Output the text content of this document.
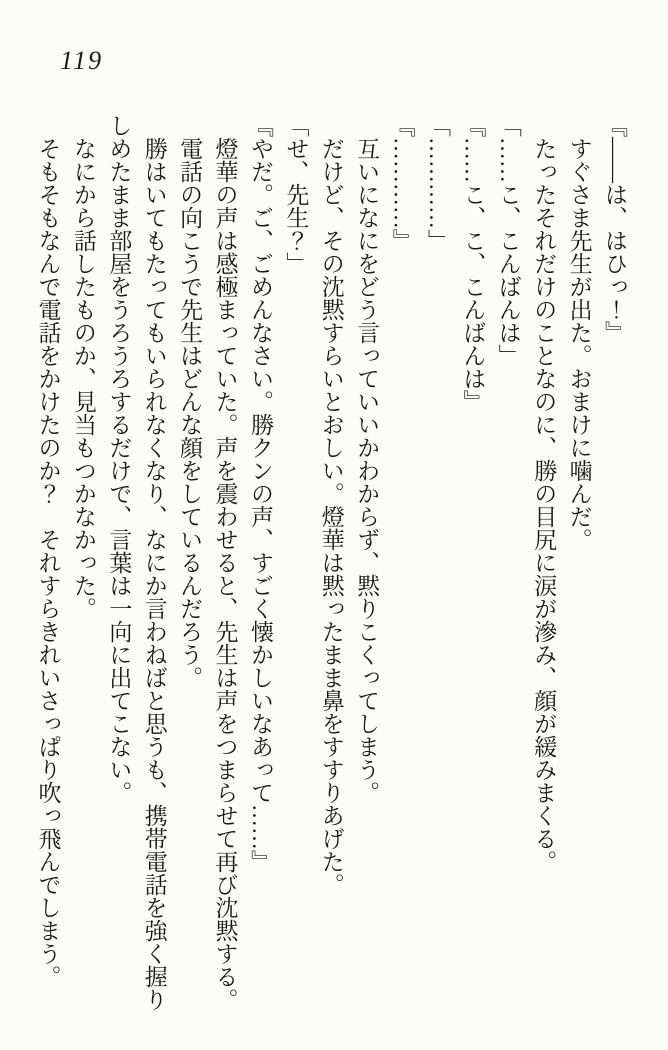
119

『――は、はひっ！』

すぐさま先生が出た。おまけに噛んだ。

たったそれだけのことなのに、勝の目尻に涙が滲み、顔が緩みまくる。

「……こ、こんばんは」

『……こ、こ、こんばんは』

「…………」

『…………』

互いになにをどう言っていいかわからず、黙りこくってしまう。

だけど、その沈黙すらいとおしい。燈華は黙ったまま鼻をすすりあげた。

「せ、先生？」

『やだ。ご、ごめんなさい。勝クンの声、すごく懐かしいなあって……』

燈華の声は感極まっていた。声を震わせると、先生は声をつまらせて再び沈黙する。

電話の向こうで先生はどんな顔をしているんだろう。

勝はいてもたってもいられなくなり、なにか言わねばと思うも、携帯電話を強く握りしめたまま部屋をうろうろするだけで、言葉は一向に出てこない。

なにから話したものか、見当もつかなかった。

そもそもなんで電話をかけたのか？　それすらきれいさっぱり吹っ飛んでしまう。
